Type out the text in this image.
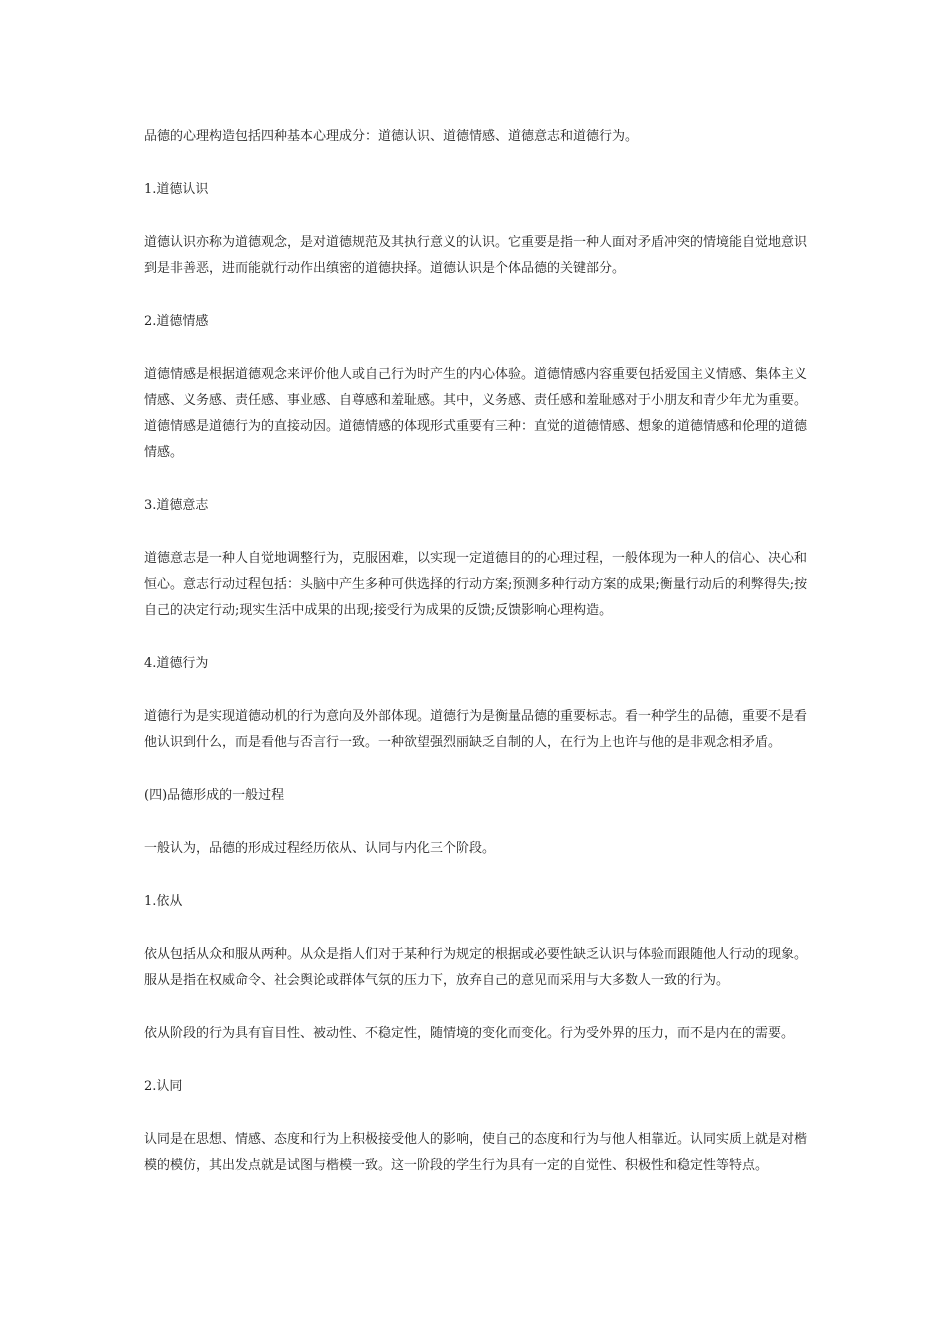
品德的心理构造包括四种基本心理成分：道德认识、道德情感、道德意志和道德行为。

1.道德认识

道德认识亦称为道德观念，是对道德规范及其执行意义的认识。它重要是指一种人面对矛盾冲突的情境能自觉地意识到是非善恶，进而能就行动作出缜密的道德抉择。道德认识是个体品德的关键部分。

2.道德情感

道德情感是根据道德观念来评价他人或自己行为时产生的内心体验。道德情感内容重要包括爱国主义情感、集体主义情感、义务感、责任感、事业感、自尊感和羞耻感。其中，义务感、责任感和羞耻感对于小朋友和青少年尤为重要。道德情感是道德行为的直接动因。道德情感的体现形式重要有三种：直觉的道德情感、想象的道德情感和伦理的道德情感。

3.道德意志

道德意志是一种人自觉地调整行为，克服困难，以实现一定道德目的的心理过程，一般体现为一种人的信心、决心和恒心。意志行动过程包括：头脑中产生多种可供选择的行动方案;预测多种行动方案的成果;衡量行动后的利弊得失;按自己的决定行动;现实生活中成果的出现;接受行为成果的反馈;反馈影响心理构造。

4.道德行为

道德行为是实现道德动机的行为意向及外部体现。道德行为是衡量品德的重要标志。看一种学生的品德，重要不是看他认识到什么，而是看他与否言行一致。一种欲望强烈丽缺乏自制的人，在行为上也许与他的是非观念相矛盾。

(四)品德形成的一般过程

一般认为，品德的形成过程经历依从、认同与内化三个阶段。

1.依从

依从包括从众和服从两种。从众是指人们对于某种行为规定的根据或必要性缺乏认识与体验而跟随他人行动的现象。服从是指在权威命令、社会舆论或群体气氛的压力下，放弃自己的意见而采用与大多数人一致的行为。

依从阶段的行为具有盲目性、被动性、不稳定性，随情境的变化而变化。行为受外界的压力，而不是内在的需要。

2.认同

认同是在思想、情感、态度和行为上积极接受他人的影响，使自己的态度和行为与他人相靠近。认同实质上就是对楷模的模仿，其出发点就是试图与楷模一致。这一阶段的学生行为具有一定的自觉性、积极性和稳定性等特点。
